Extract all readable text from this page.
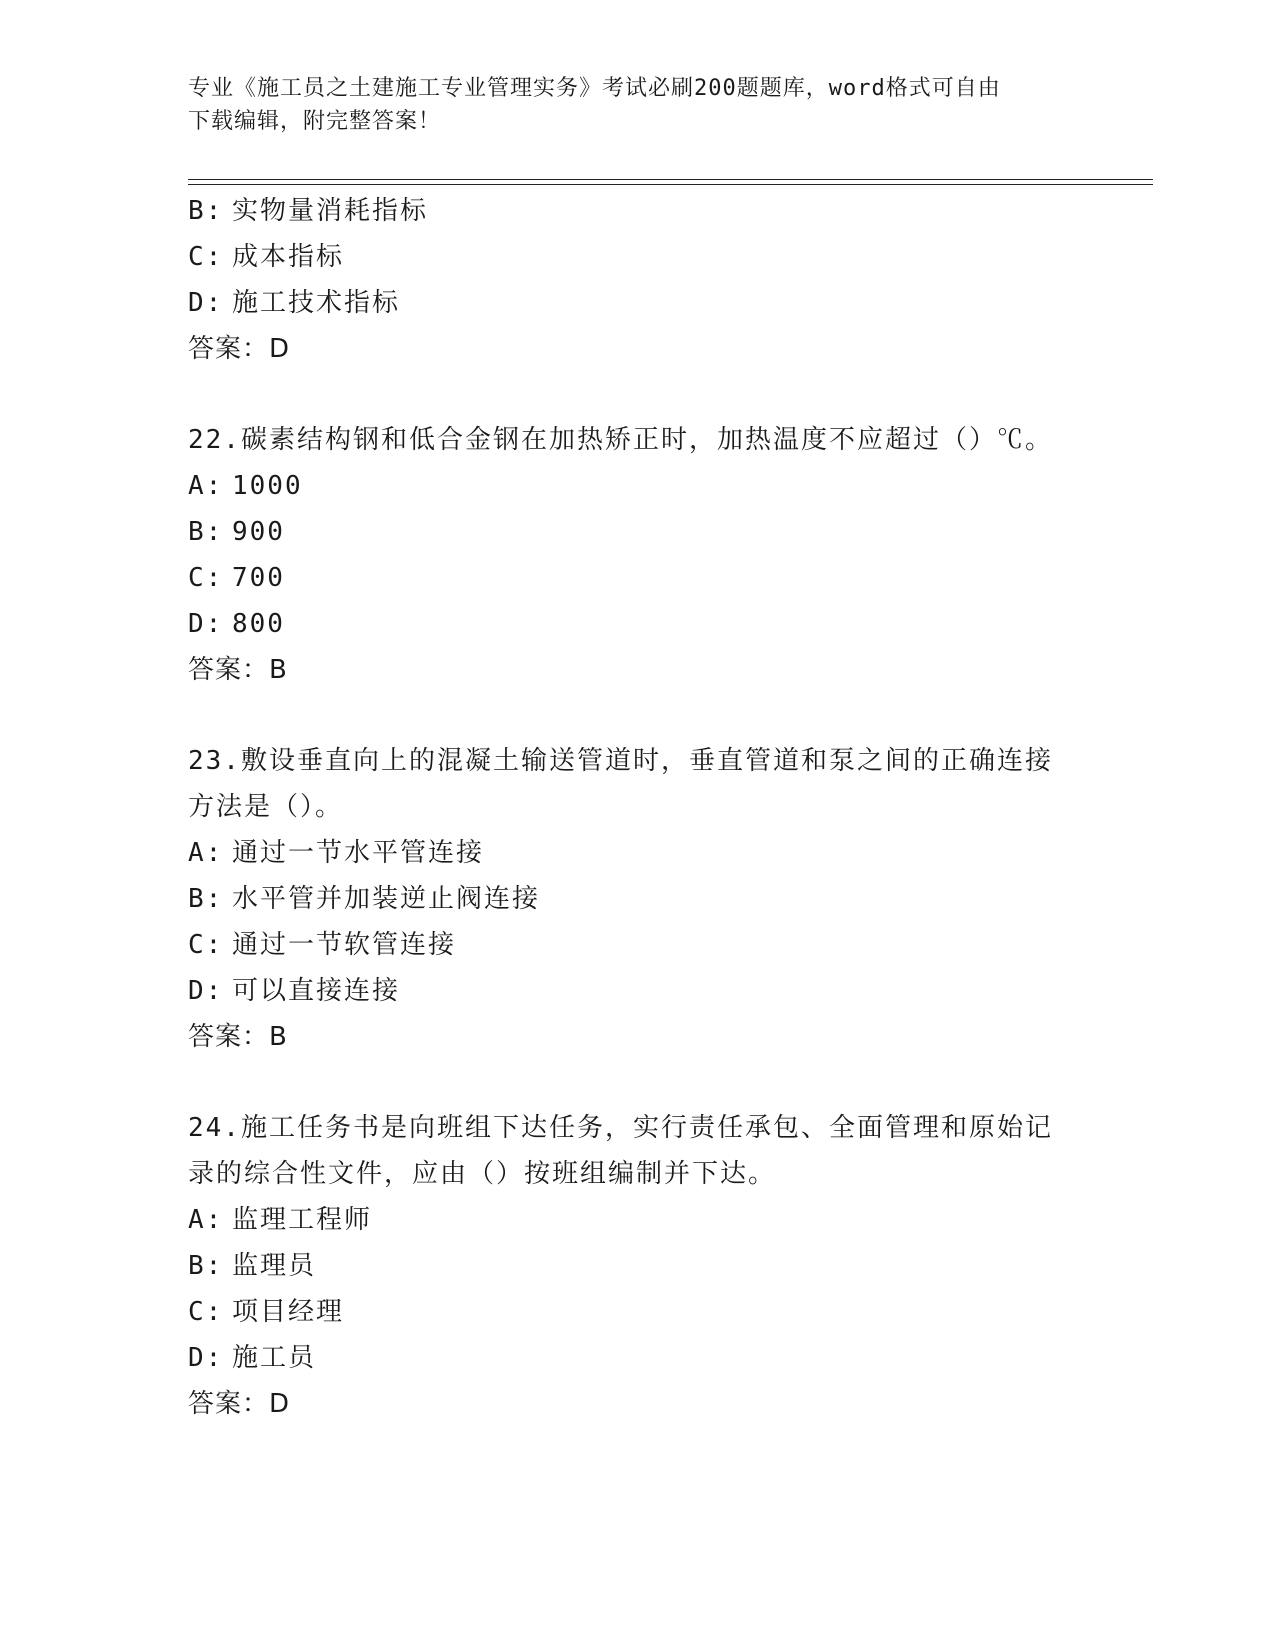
专业《施工员之土建施工专业管理实务》考试必刷200题题库，word格式可自由
下载编辑，附完整答案！
B: 实物量消耗指标
C: 成本指标
D: 施工技术指标
答案：D
22.碳素结构钢和低合金钢在加热矫正时，加热温度不应超过（）℃。
A: 1000
B: 900
C: 700
D: 800
答案：B
23.敷设垂直向上的混凝土输送管道时，垂直管道和泵之间的正确连接
方法是（）。
A: 通过一节水平管连接
B: 水平管并加装逆止阀连接
C: 通过一节软管连接
D: 可以直接连接
答案：B
24.施工任务书是向班组下达任务，实行责任承包、全面管理和原始记
录的综合性文件，应由（）按班组编制并下达。
A: 监理工程师
B: 监理员
C: 项目经理
D: 施工员
答案：D
